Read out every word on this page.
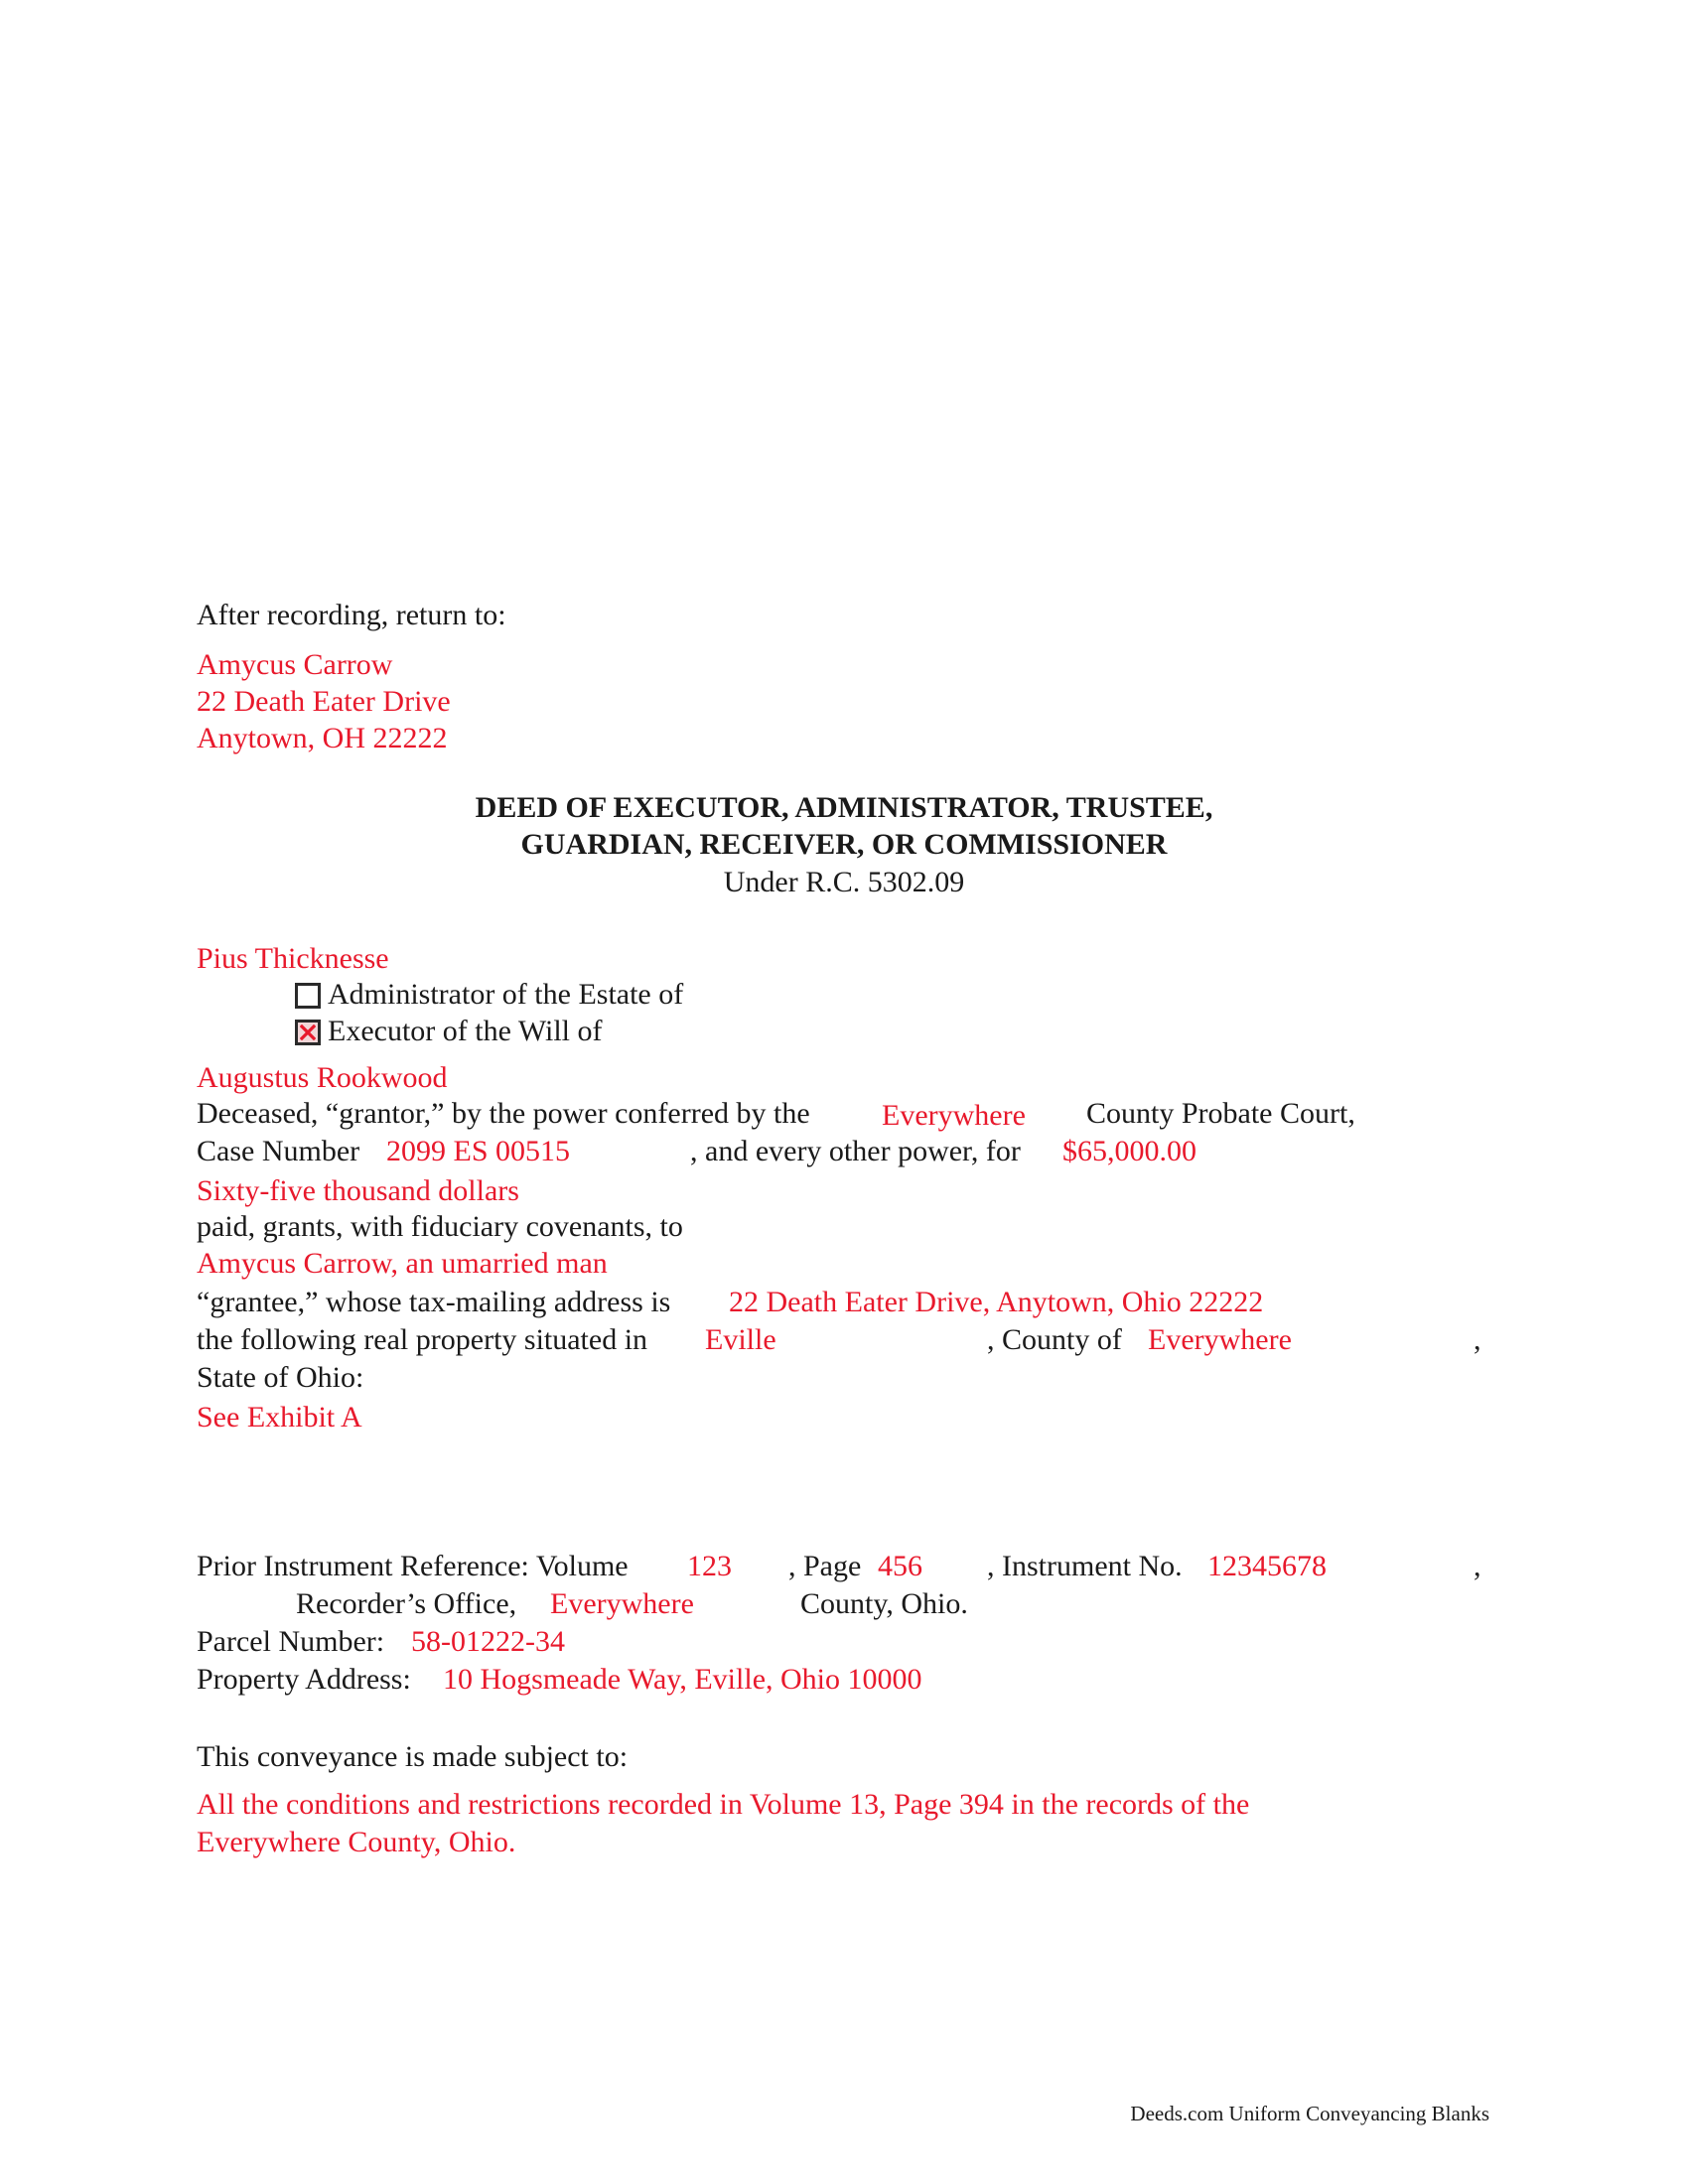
After recording, return to:
Amycus Carrow
22 Death Eater Drive
Anytown, OH 22222
DEED OF EXECUTOR, ADMINISTRATOR, TRUSTEE,
GUARDIAN, RECEIVER, OR COMMISSIONER
Under R.C. 5302.09
Pius Thicknesse
Administrator of the Estate of
Executor of the Will of
Augustus Rookwood
Deceased, “grantor,” by the power conferred by the Everywhere County Probate Court,
Case Number 2099 ES 00515	, and every other power, for $65,000.00
Sixty-five thousand dollars
paid, grants, with fiduciary covenants, to
Amycus Carrow, an umarried man
“grantee,” whose tax-mailing address is 22 Death Eater Drive, Anytown, Ohio 22222
the following real property situated in Eville	, County of Everywhere	,
State of Ohio:
See Exhibit A
Prior Instrument Reference: Volume 123 , Page 456 , Instrument No. 12345678	,
Recorder’s Office, Everywhere	County, Ohio.
Parcel Number: 58-01222-34
Property Address: 10 Hogsmeade Way, Eville, Ohio 10000
This conveyance is made subject to:
All the conditions and restrictions recorded in Volume 13, Page 394 in the records of the
Everywhere County, Ohio.
Deeds.com Uniform Conveyancing Blanks
